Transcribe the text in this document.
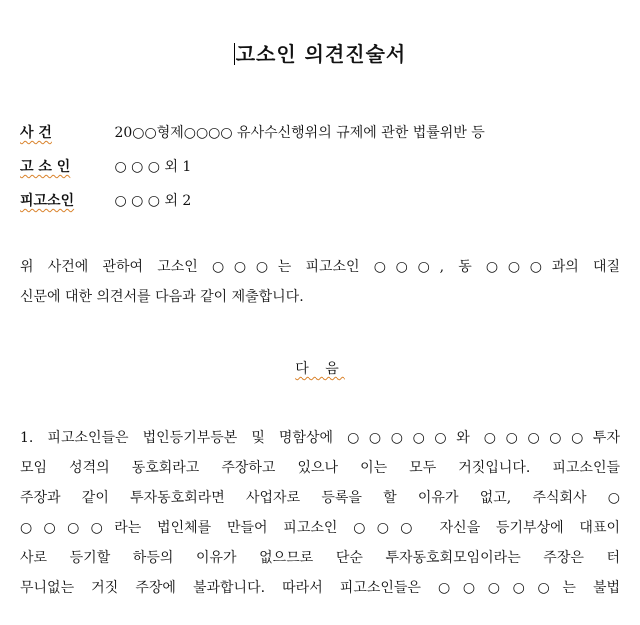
고소인 의견진술서
사 건	20○○형제○○○○ 유사수신행위의 규제에 관한 법률위반 등
고 소 인	○ ○ ○ 외 1
피고소인	○ ○ ○ 외 2
위 사건에 관하여 고소인 ○○○는 피고소인 ○○○, 동 ○○○과의 대질
신문에 대한 의견서를 다음과 같이 제출합니다.
다 음
1. 피고소인들은 법인등기부등본 및 명함상에 ○○○○○와 ○○○○○투자
모임 성격의 동호회라고 주장하고 있으나 이는 모두 거짓입니다. 피고소인들
주장과 같이 투자동호회라면 사업자로 등록을 할 이유가 없고, 주식회사 ○
○○○○라는 법인체를 만들어 피고소인 ○○○ 자신을 등기부상에 대표이
사로 등기할 하등의 이유가 없으므로 단순 투자동호회모임이라는 주장은 터
무니없는 거짓 주장에 불과합니다. 따라서 피고소인들은 ○○○○○는 불법
